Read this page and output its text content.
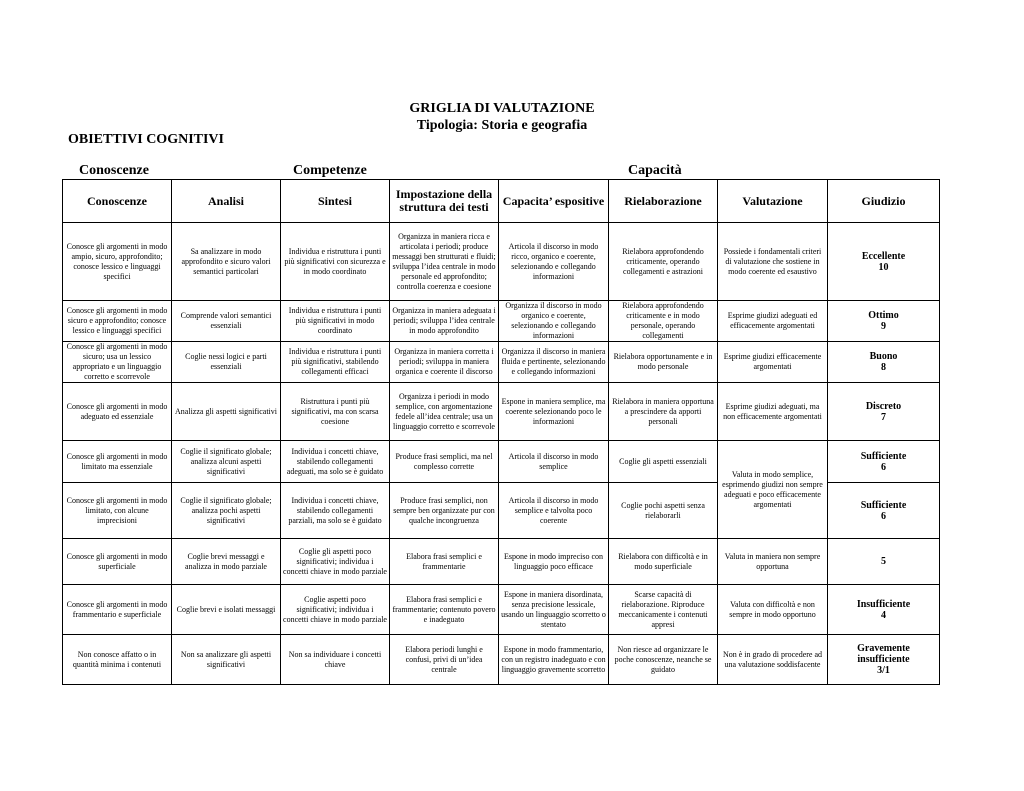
GRIGLIA DI VALUTAZIONE
Tipologia: Storia e geografia
OBIETTIVI COGNITIVI
Conoscenze	Competenze	Capacità
Conoscenze	Analisi	Sintesi	Impostazione della struttura dei testi	Capacita’ espositive	Rielaborazione	Valutazione	Giudizio
Conosce gli argomenti in modo ampio, sicuro, approfondito; conosce lessico e linguaggi specifici	Sa analizzare in modo approfondito e sicuro valori semantici particolari	Individua e ristruttura i punti più significativi con sicurezza e in modo coordinato	Organizza in maniera ricca e articolata i periodi; produce messaggi ben strutturati e fluidi; sviluppa l’idea centrale in modo personale ed approfondito; controlla coerenza e coesione	Articola il discorso in modo ricco, organico e coerente, selezionando e collegando informazioni	Rielabora approfondendo criticamente, operando collegamenti e astrazioni	Possiede i fondamentali criteri di valutazione che sostiene in modo coerente ed esaustivo	Eccellente
10

Conosce gli argomenti in modo sicuro e approfondito; conosce lessico e linguaggi specifici	Comprende valori semantici essenziali	Individua e ristruttura i punti più significativi in modo coordinato	Organizza in maniera adeguata i periodi; sviluppa l’idea centrale in modo approfondito	Organizza il discorso in modo organico e coerente, selezionando e collegando informazioni	Rielabora approfondendo criticamente e in modo personale, operando collegamenti	Esprime giudizi adeguati ed efficacemente argomentati	Ottimo
9

Conosce gli argomenti in modo sicuro; usa un lessico appropriato e un linguaggio corretto e scorrevole	Coglie nessi logici e parti essenziali	Individua e ristruttura i punti più significativi, stabilendo collegamenti efficaci	Organizza in maniera corretta i periodi; sviluppa in maniera organica e coerente il discorso	Organizza il discorso in maniera fluida e pertinente, selezionando e collegando informazioni	Rielabora opportunamente e in modo personale	Esprime giudizi efficacemente argomentati	Buono
8

Conosce gli argomenti in modo adeguato ed essenziale	Analizza gli aspetti significativi	Ristruttura i punti più significativi, ma con scarsa coesione	Organizza i periodi in modo semplice, con argomentazione fedele all’idea centrale; usa un linguaggio corretto e scorrevole	Espone in maniera semplice, ma coerente selezionando poco le informazioni	Rielabora in maniera opportuna a prescindere da apporti personali	Esprime giudizi adeguati, ma non efficacemente argomentati	Discreto
7

Conosce gli argomenti in modo limitato ma essenziale	Coglie il significato globale; analizza alcuni aspetti significativi	Individua i concetti chiave, stabilendo collegamenti adeguati, ma solo se è guidato	Produce frasi semplici, ma nel complesso corrette	Articola il discorso in modo semplice	Coglie gli aspetti essenziali	Valuta in modo semplice, esprimendo giudizi non sempre adeguati e poco efficacemente argomentati	Sufficiente
6

Conosce gli argomenti in modo limitato, con alcune imprecisioni	Coglie il significato globale; analizza pochi aspetti significativi	Individua i concetti chiave, stabilendo collegamenti parziali, ma solo se è guidato	Produce frasi semplici, non sempre ben organizzate pur con qualche incongruenza	Articola il discorso in modo semplice e talvolta poco coerente	Coglie pochi aspetti senza rielaborarli		Sufficiente
6

Conosce gli argomenti in modo superficiale	Coglie brevi messaggi e analizza in modo parziale	Coglie gli aspetti poco significativi; individua i concetti chiave in modo parziale	Elabora frasi semplici e frammentarie	Espone in modo impreciso con linguaggio poco efficace	Rielabora con difficoltà e in modo superficiale	Valuta in maniera non sempre opportuna	5

Conosce gli argomenti in modo frammentario e superficiale	Coglie brevi e isolati messaggi	Coglie aspetti poco significativi; individua i concetti chiave in modo parziale	Elabora frasi semplici e frammentarie; contenuto povero e inadeguato	Espone in maniera disordinata, senza precisione lessicale, usando un linguaggio scorretto o stentato	Scarse capacità di rielaborazione. Riproduce meccanicamente i contenuti appresi	Valuta con difficoltà e non sempre in modo opportuno	Insufficiente
4

Non conosce affatto o in quantità minima i contenuti	Non sa analizzare gli aspetti significativi	Non sa individuare i concetti chiave	Elabora periodi lunghi e confusi, privi di un’idea centrale	Espone in modo frammentario, con un registro inadeguato e con linguaggio gravemente scorretto	Non riesce ad organizzare le poche conoscenze, neanche se guidato	Non è in grado di procedere ad una valutazione soddisfacente	Gravemente insufficiente
3/1
